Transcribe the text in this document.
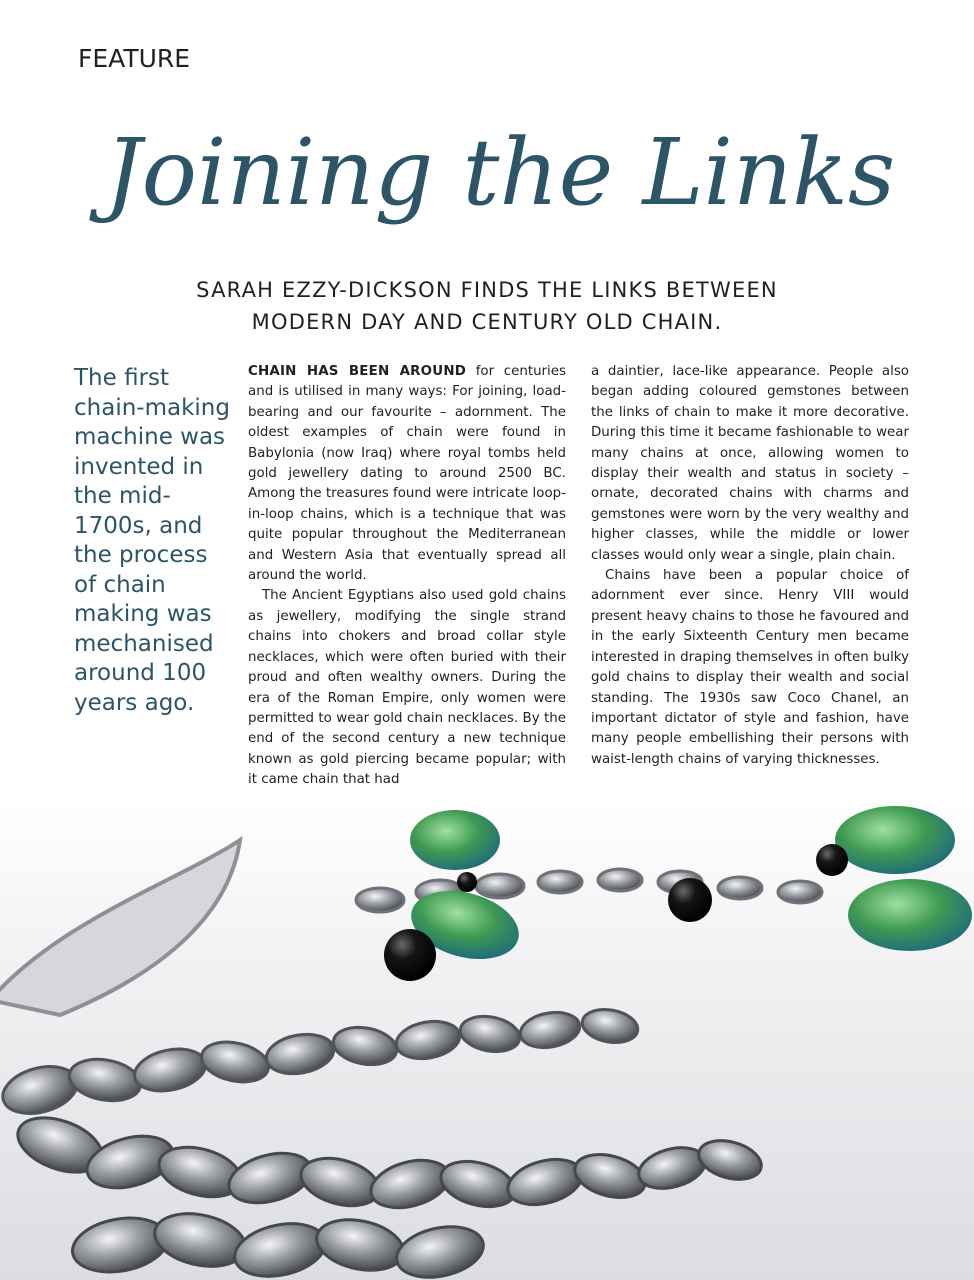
FEATURE
Joining the Links
SARAH EZZY-DICKSON FINDS THE LINKS BETWEEN
MODERN DAY AND CENTURY OLD CHAIN.
The first chain-making machine was invented in the mid-1700s, and the process of chain making was mechanised around 100 years ago.

CHAIN HAS BEEN AROUND for centuries and is utilised in many ways: For joining, load-bearing and our favourite – adornment. The oldest examples of chain were found in Babylonia (now Iraq) where royal tombs held gold jewellery dating to around 2500 BC. Among the treasures found were intricate loop-in-loop chains, which is a technique that was quite popular throughout the Mediterranean and Western Asia that eventually spread all around the world.

The Ancient Egyptians also used gold chains as jewellery, modifying the single strand chains into chokers and broad collar style necklaces, which were often buried with their proud and often wealthy owners. During the era of the Roman Empire, only women were permitted to wear gold chain necklaces. By the end of the second century a new technique known as gold piercing became popular; with it came chain that had

a daintier, lace-like appearance. People also began adding coloured gemstones between the links of chain to make it more decorative. During this time it became fashionable to wear many chains at once, allowing women to display their wealth and status in society – ornate, decorated chains with charms and gemstones were worn by the very wealthy and higher classes, while the middle or lower classes would only wear a single, plain chain.

Chains have been a popular choice of adornment ever since. Henry VIII would present heavy chains to those he favoured and in the early Sixteenth Century men became interested in draping themselves in often bulky gold chains to display their wealth and social standing. The 1930s saw Coco Chanel, an important dictator of style and fashion, have many people embellishing their persons with waist-length chains of varying thicknesses.
